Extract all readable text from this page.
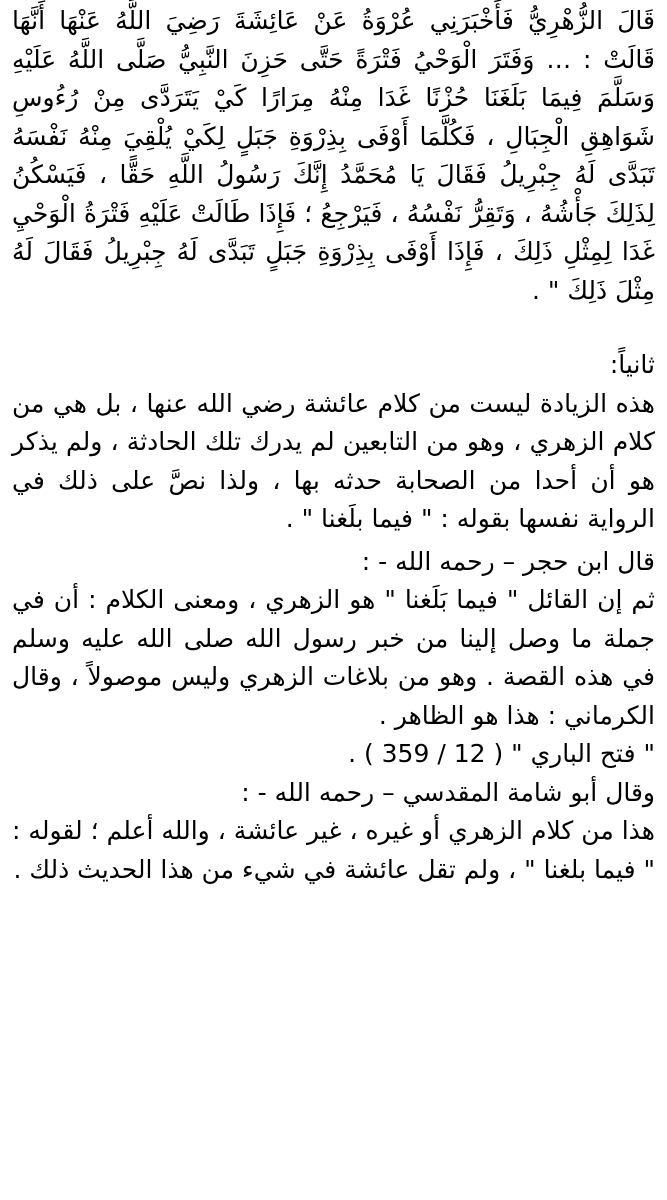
قَالَ الزُّهْرِيُّ فَأَخْبَرَنِي عُرْوَةُ عَنْ عَائِشَةَ رَضِيَ اللَّهُ عَنْهَا أَنَّهَا قَالَتْ : … وَفَتَرَ الْوَحْيُ فَتْرَةً حَتَّى حَزِنَ النَّبِيُّ صَلَّى اللَّهُ عَلَيْهِ وَسَلَّمَ فِيمَا بَلَغَنَا حُزْنًا غَدَا مِنْهُ مِرَارًا كَيْ يَتَرَدَّى مِنْ رُءُوسِ شَوَاهِقِ الْجِبَالِ ، فَكُلَّمَا أَوْفَى بِذِرْوَةِ جَبَلٍ لِكَيْ يُلْقِيَ مِنْهُ نَفْسَهُ تَبَدَّى لَهُ جِبْرِيلُ فَقَالَ يَا مُحَمَّدُ إِنَّكَ رَسُولُ اللَّهِ حَقًّا ، فَيَسْكُنُ لِذَلِكَ جَأْشُهُ ، وَتَقِرُّ نَفْسُهُ ، فَيَرْجِعُ ؛ فَإِذَا طَالَتْ عَلَيْهِ فَتْرَةُ الْوَحْيِ غَدَا لِمِثْلِ ذَلِكَ ، فَإِذَا أَوْفَى بِذِرْوَةِ جَبَلٍ تَبَدَّى لَهُ جِبْرِيلُ فَقَالَ لَهُ مِثْلَ ذَلِكَ " .

ثانياً:

هذه الزيادة ليست من كلام عائشة رضي الله عنها ، بل هي من كلام الزهري ، وهو من التابعين لم يدرك تلك الحادثة ، ولم يذكر هو أن أحدا من الصحابة حدثه بها ، ولذا نصَّ على ذلك في الرواية نفسها بقوله : " فيما بلَغنا " .

قال ابن حجر – رحمه الله - :

ثم إن القائل " فيما بَلَغنا " هو الزهري ، ومعنى الكلام : أن في جملة ما وصل إلينا من خبر رسول الله صلى الله عليه وسلم في هذه القصة . وهو من بلاغات الزهري وليس موصولاً ، وقال الكرماني : هذا هو الظاهر .

" فتح الباري " ( 12 / 359 ) .

وقال أبو شامة المقدسي – رحمه الله - :

هذا من كلام الزهري أو غيره ، غير عائشة ، والله أعلم ؛ لقوله : " فيما بلغنا " ، ولم تقل عائشة في شيء من هذا الحديث ذلك .
